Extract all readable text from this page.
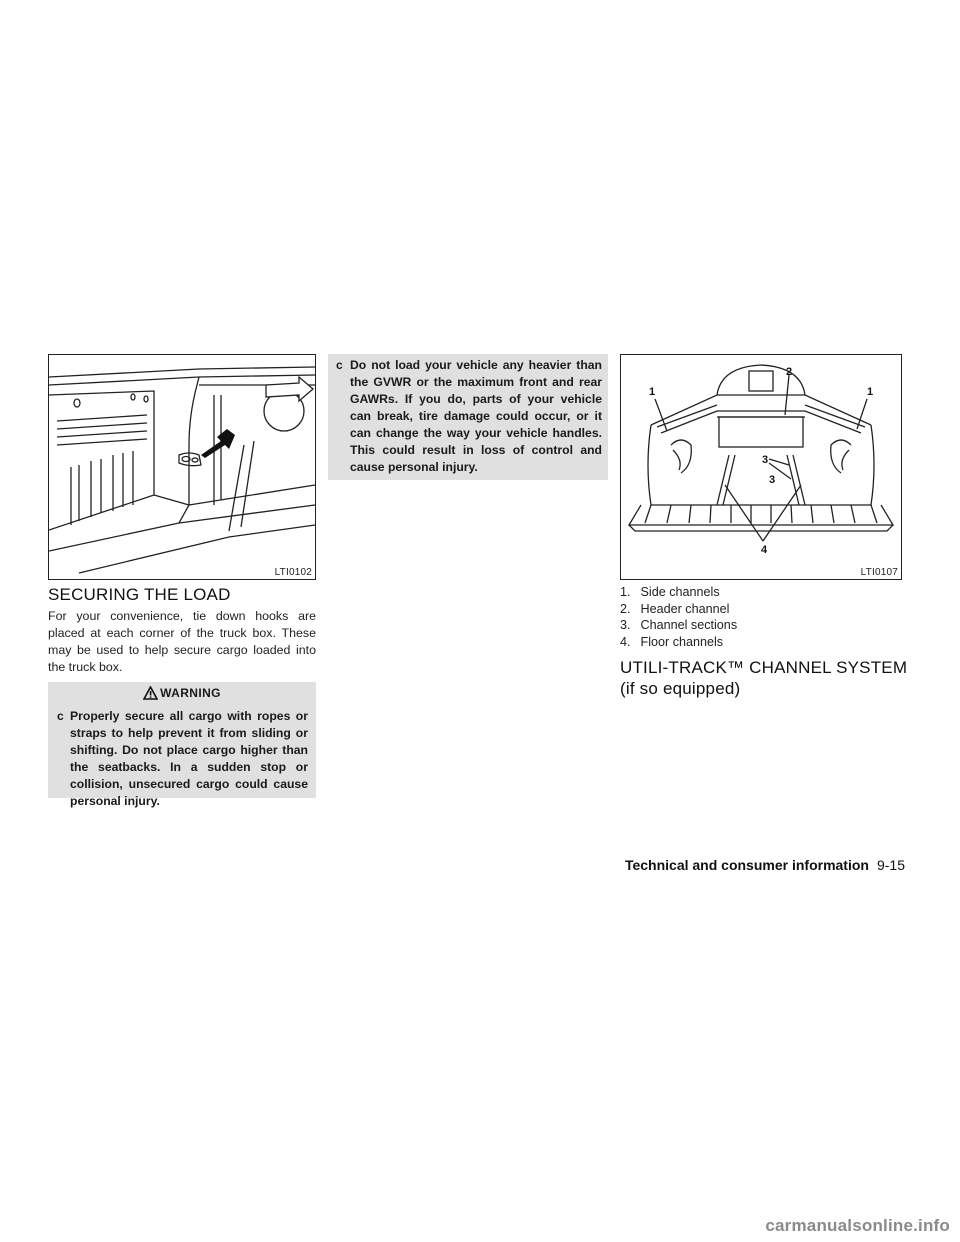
LTI0102
SECURING THE LOAD

For your convenience, tie down hooks are placed at each corner of the truck box. These may be used to help secure cargo loaded into the truck box.

WARNING
c Properly secure all cargo with ropes or straps to help prevent it from sliding or shifting. Do not place cargo higher than the seatbacks. In a sudden stop or collision, unsecured cargo could cause personal injury.

c Do not load your vehicle any heavier than the GVWR or the maximum front and rear GAWRs. If you do, parts of your vehicle can break, tire damage could occur, or it can change the way your vehicle handles. This could result in loss of control and cause personal injury.

1
2
1
3
3
4
LTI0107
1. Side channels
2. Header channel
3. Channel sections
4. Floor channels
UTILI-TRACK™ CHANNEL SYSTEM
(if so equipped)
Technical and consumer information 9-15
carmanualsonline.info
